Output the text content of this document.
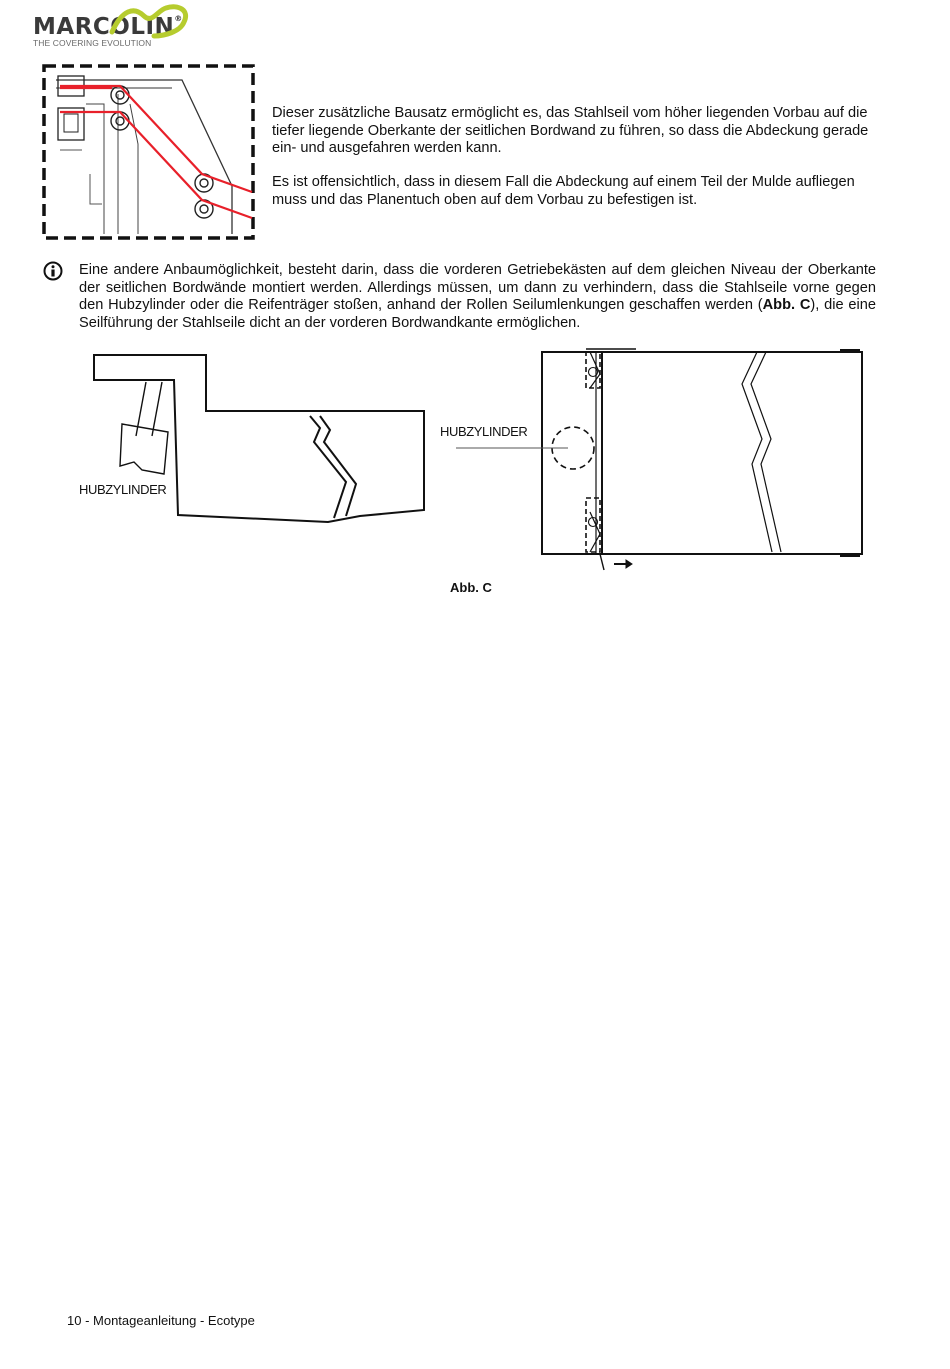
MARCOLIN®
THE COVERING EVOLUTION
Dieser zusätzliche Bausatz ermöglicht es, das Stahlseil vom höher liegenden Vorbau auf die tiefer liegende Oberkante der seitlichen Bordwand zu führen, so dass die Abdeckung gerade ein- und ausgefahren werden kann.
Es ist offensichtlich, dass in diesem Fall die Abdeckung auf einem Teil der Mulde aufliegen muss und das Planentuch oben auf dem Vorbau zu befestigen ist.
Eine andere Anbaumöglichkeit, besteht darin, dass die vorderen Getriebekästen auf dem gleichen Niveau der Oberkante der seitlichen Bordwände montiert werden. Allerdings müssen, um dann zu verhindern, dass die Stahlseile vorne gegen den Hubzylinder oder die Reifenträger stoßen, anhand der Rollen Seilumlenkungen geschaffen werden (Abb. C), die eine Seilführung der Stahlseile dicht an der vorderen Bordwandkante ermöglichen.
HUBZYLINDER
HUBZYLINDER
Abb. C
10 - Montageanleitung - Ecotype
